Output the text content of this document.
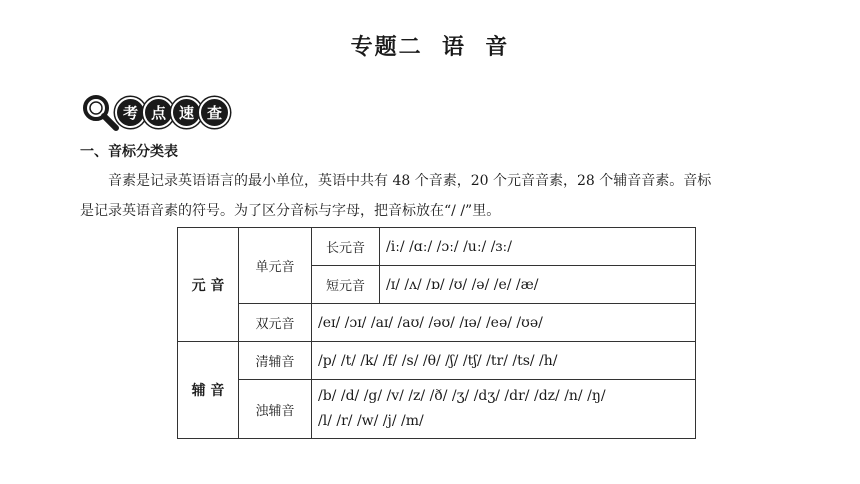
专题二  语  音
考 点 速 查
一、音标分类表

音素是记录英语语言的最小单位，英语中共有 48 个音素，20 个元音音素，28 个辅音音素。音标

是记录英语音素的符号。为了区分音标与字母，把音标放在“/ /”里。

元 音	单元音	长元音	/iː/ /ɑː/ /ɔː/ /uː/ /ɜː/
		短元音	/ɪ/ /ʌ/ /ɒ/ /ʊ/ /ə/ /e/ /æ/
	双元音	/eɪ/ /ɔɪ/ /aɪ/ /aʊ/ /əʊ/ /ɪə/ /eə/ /ʊə/	
辅 音	清辅音	/p/ /t/ /k/ /f/ /s/ /θ/ /ʃ/ /tʃ/ /tr/ /ts/ /h/	
	浊辅音	/b/ /d/ /g/ /v/ /z/ /ð/ /ʒ/ /dʒ/ /dr/ /dz/ /n/ /ŋ/
/l/ /r/ /w/ /j/ /m/	
